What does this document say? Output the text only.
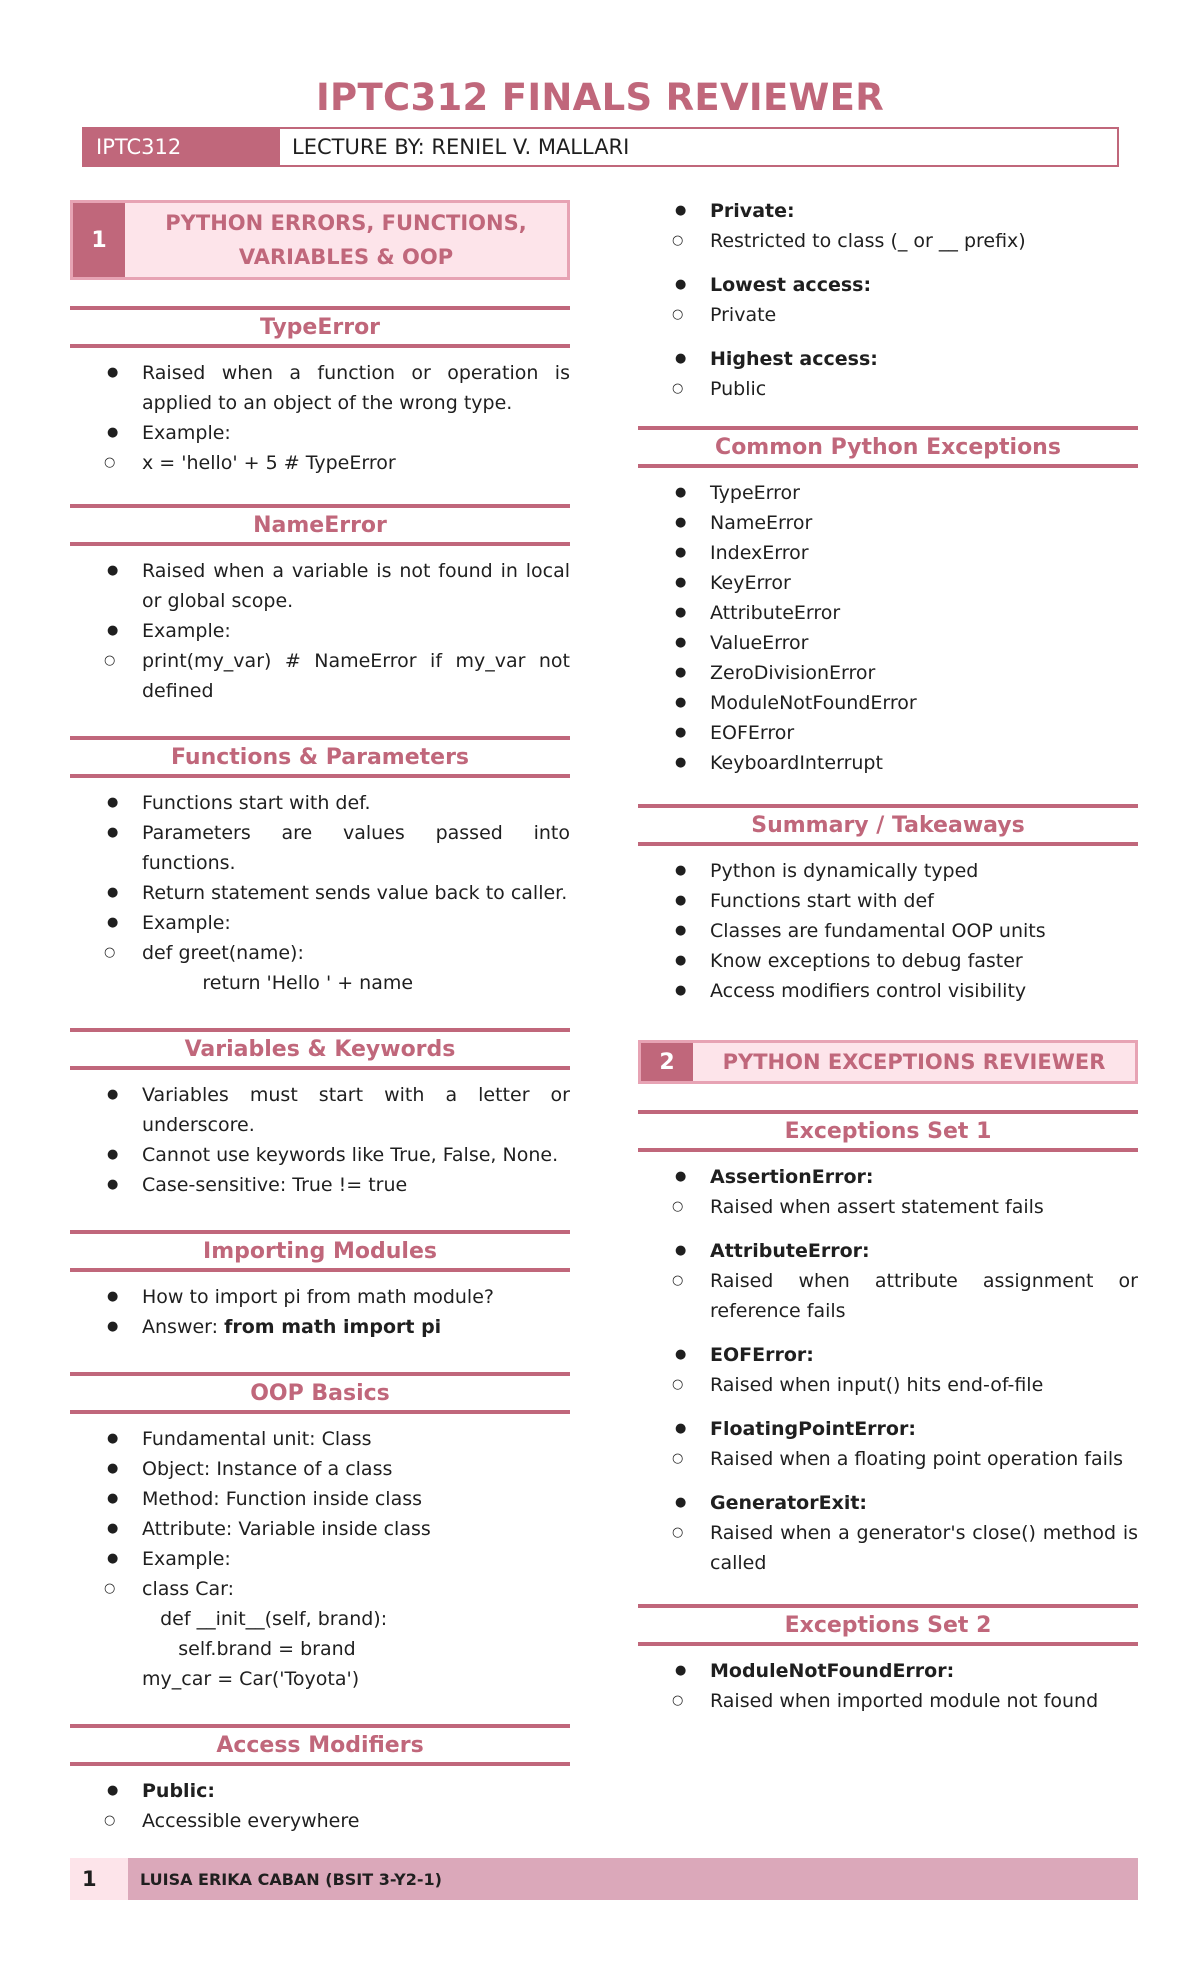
IPTC312 FINALS REVIEWER
IPTC312	LECTURE BY: RENIEL V. MALLARI
1
PYTHON ERRORS, FUNCTIONS, VARIABLES & OOP
TypeError
● Raised when a function or operation is applied to an object of the wrong type.
● Example:
○ x = 'hello' + 5 # TypeError
NameError
● Raised when a variable is not found in local or global scope.
● Example:
○ print(my_var) # NameError if my_var not defined
Functions & Parameters
● Functions start with def.
● Parameters are values passed into functions.
● Return statement sends value back to caller.
● Example:
○ def greet(name):
return 'Hello ' + name
Variables & Keywords
● Variables must start with a letter or underscore.
● Cannot use keywords like True, False, None.
● Case-sensitive: True != true
Importing Modules
● How to import pi from math module?
● Answer: from math import pi
OOP Basics
● Fundamental unit: Class
● Object: Instance of a class
● Method: Function inside class
● Attribute: Variable inside class
● Example:
○ class Car:
def __init__(self, brand):
self.brand = brand
my_car = Car('Toyota')
Access Modifiers
● Public:
○ Accessible everywhere
● Private:
○ Restricted to class (_ or __ prefix)
● Lowest access:
○ Private
● Highest access:
○ Public
Common Python Exceptions
● TypeError
● NameError
● IndexError
● KeyError
● AttributeError
● ValueError
● ZeroDivisionError
● ModuleNotFoundError
● EOFError
● KeyboardInterrupt
Summary / Takeaways
● Python is dynamically typed
● Functions start with def
● Classes are fundamental OOP units
● Know exceptions to debug faster
● Access modifiers control visibility
2	PYTHON EXCEPTIONS REVIEWER
Exceptions Set 1
● AssertionError:
○ Raised when assert statement fails
● AttributeError:
○ Raised when attribute assignment or reference fails
● EOFError:
○ Raised when input() hits end-of-file
● FloatingPointError:
○ Raised when a floating point operation fails
● GeneratorExit:
○ Raised when a generator's close() method is called
Exceptions Set 2
● ModuleNotFoundError:
○ Raised when imported module not found
1	LUISA ERIKA CABAN (BSIT 3-Y2-1)
